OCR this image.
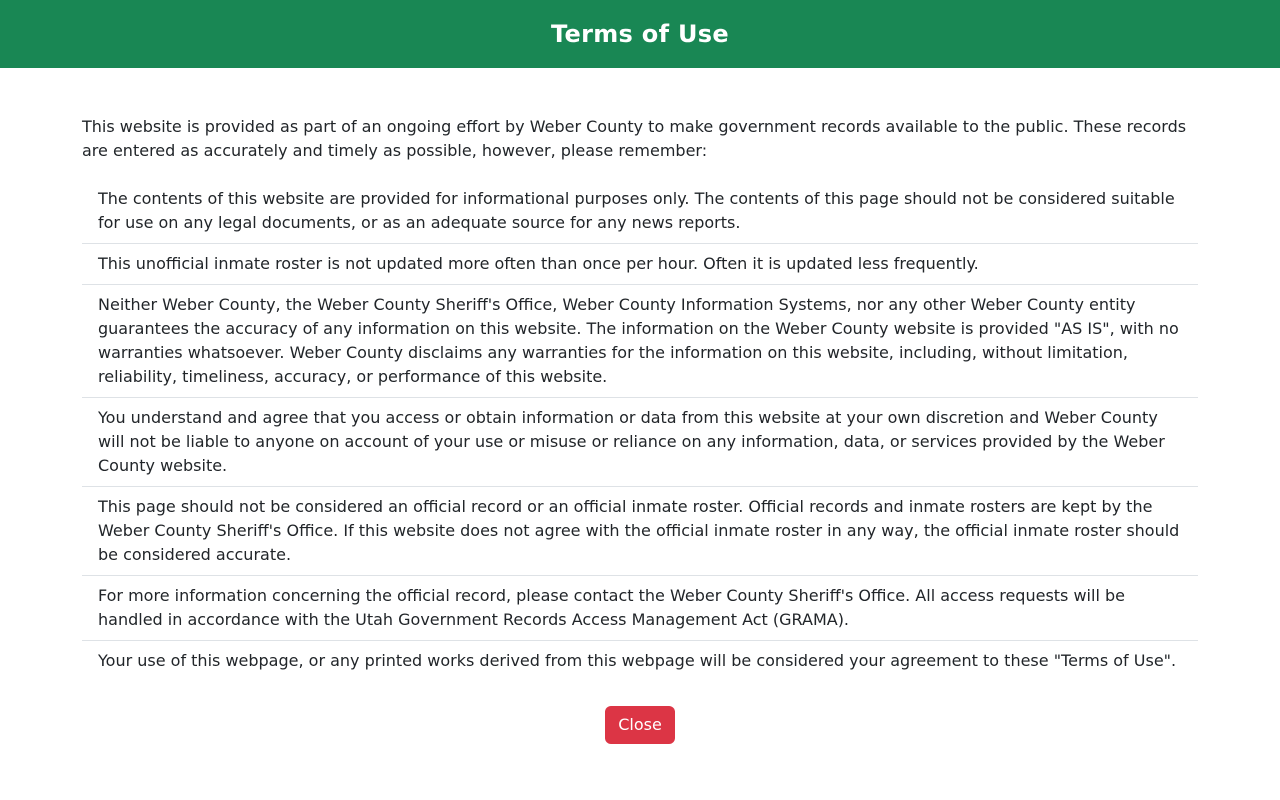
Terms of Use

This website is provided as part of an ongoing effort by Weber County to make government records available to the public. These records are entered as accurately and timely as possible, however, please remember:

The contents of this website are provided for informational purposes only. The contents of this page should not be considered suitable for use on any legal documents, or as an adequate source for any news reports.
This unofficial inmate roster is not updated more often than once per hour. Often it is updated less frequently.
Neither Weber County, the Weber County Sheriff's Office, Weber County Information Systems, nor any other Weber County entity guarantees the accuracy of any information on this website. The information on the Weber County website is provided "AS IS", with no warranties whatsoever. Weber County disclaims any warranties for the information on this website, including, without limitation, reliability, timeliness, accuracy, or performance of this website.
You understand and agree that you access or obtain information or data from this website at your own discretion and Weber County will not be liable to anyone on account of your use or misuse or reliance on any information, data, or services provided by the Weber County website.
This page should not be considered an official record or an official inmate roster. Official records and inmate rosters are kept by the Weber County Sheriff's Office. If this website does not agree with the official inmate roster in any way, the official inmate roster should be considered accurate.
For more information concerning the official record, please contact the Weber County Sheriff's Office. All access requests will be handled in accordance with the Utah Government Records Access Management Act (GRAMA).
Your use of this webpage, or any printed works derived from this webpage will be considered your agreement to these "Terms of Use".
Close
